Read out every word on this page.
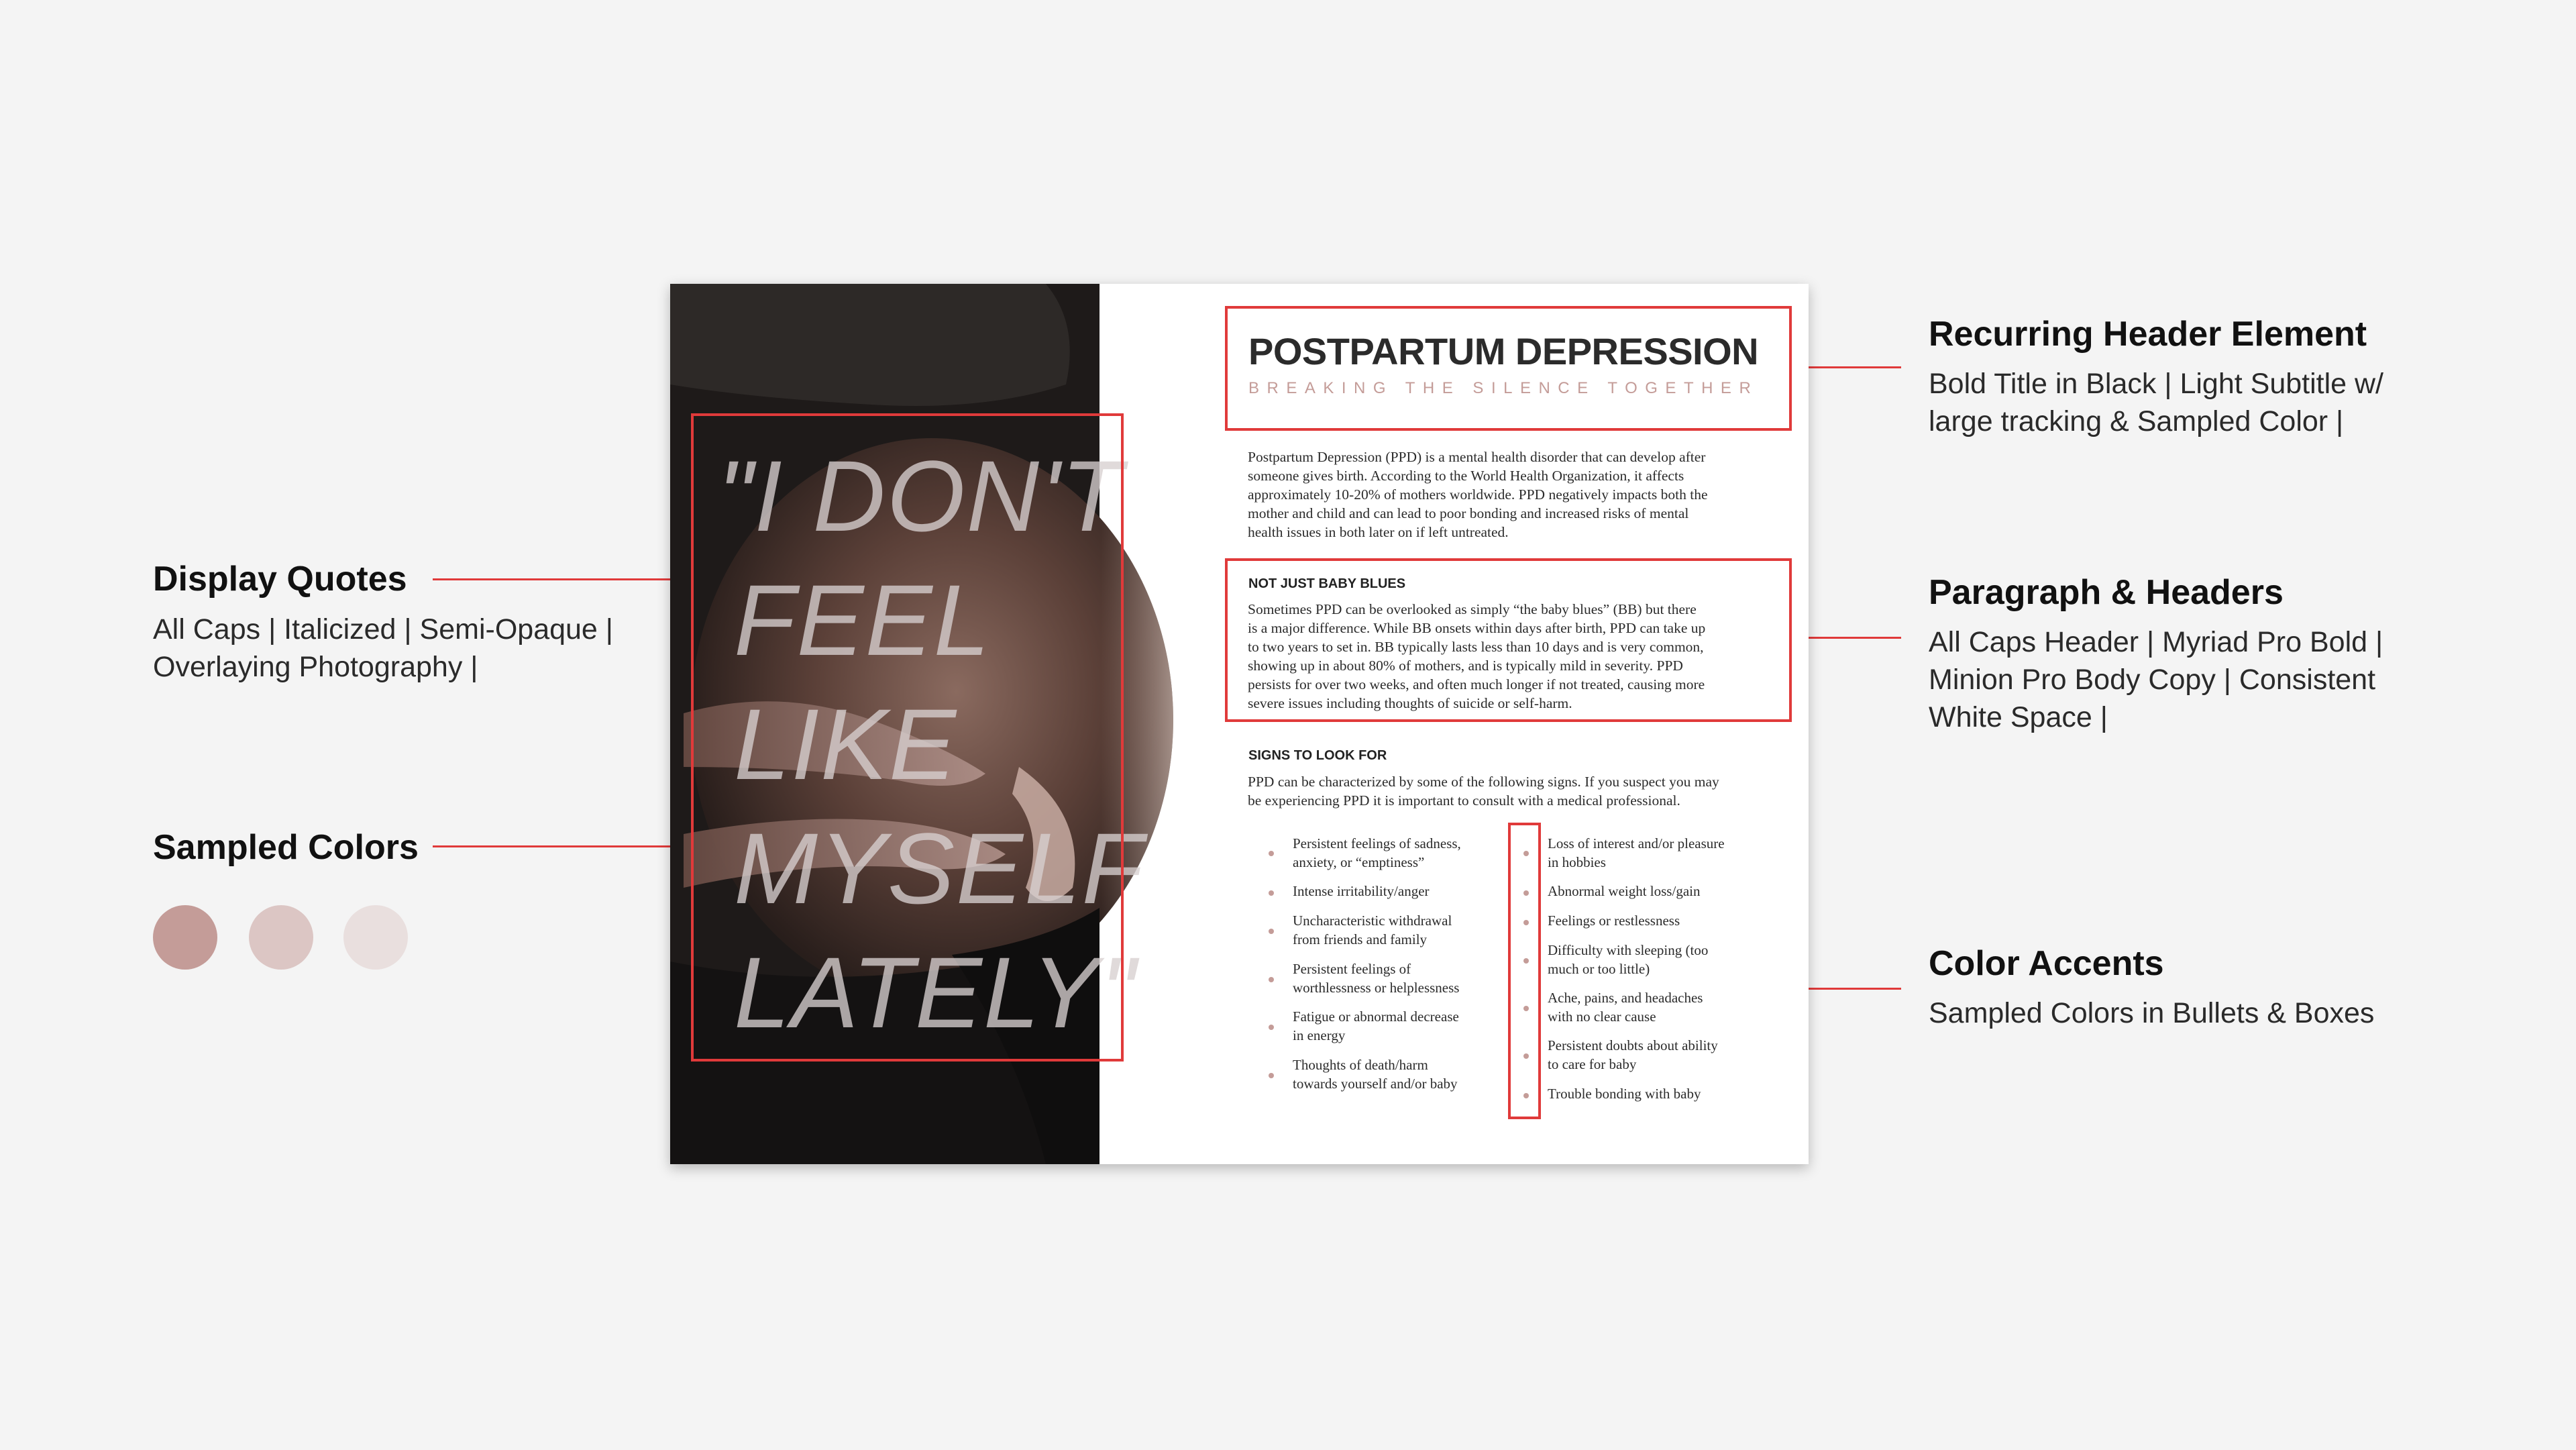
Display Quotes
All Caps | Italicized | Semi-Opaque |
Overlaying Photography |
Sampled Colors
Recurring Header Element
Bold Title in Black | Light Subtitle w/
large tracking & Sampled Color |
Paragraph & Headers
All Caps Header | Myriad Pro Bold |
Minion Pro Body Copy | Consistent
White Space |
Color Accents
Sampled Colors in Bullets & Boxes
"I DON'T
FEEL
LIKE
MYSELF
LATELY"
POSTPARTUM DEPRESSION
BREAKING THE SILENCE TOGETHER
Postpartum Depression (PPD) is a mental health disorder that can develop after
someone gives birth. According to the World Health Organization, it affects
approximately 10-20% of mothers worldwide. PPD negatively impacts both the
mother and child and can lead to poor bonding and increased risks of mental
health issues in both later on if left untreated.
NOT JUST BABY BLUES
Sometimes PPD can be overlooked as simply “the baby blues” (BB) but there
is a major difference. While BB onsets within days after birth, PPD can take up
to two years to set in. BB typically lasts less than 10 days and is very common,
showing up in about 80% of mothers, and is typically mild in severity. PPD
persists for over two weeks, and often much longer if not treated, causing more
severe issues including thoughts of suicide or self-harm.
SIGNS TO LOOK FOR
PPD can be characterized by some of the following signs. If you suspect you may
be experiencing PPD it is important to consult with a medical professional.
Persistent feelings of sadness,
anxiety, or “emptiness”
Intense irritability/anger
Uncharacteristic withdrawal
from friends and family
Persistent feelings of
worthlessness or helplessness
Fatigue or abnormal decrease
in energy
Thoughts of death/harm
towards yourself and/or baby
Loss of interest and/or pleasure
in hobbies
Abnormal weight loss/gain
Feelings or restlessness
Difficulty with sleeping (too
much or too little)
Ache, pains, and headaches
with no clear cause
Persistent doubts about ability
to care for baby
Trouble bonding with baby
